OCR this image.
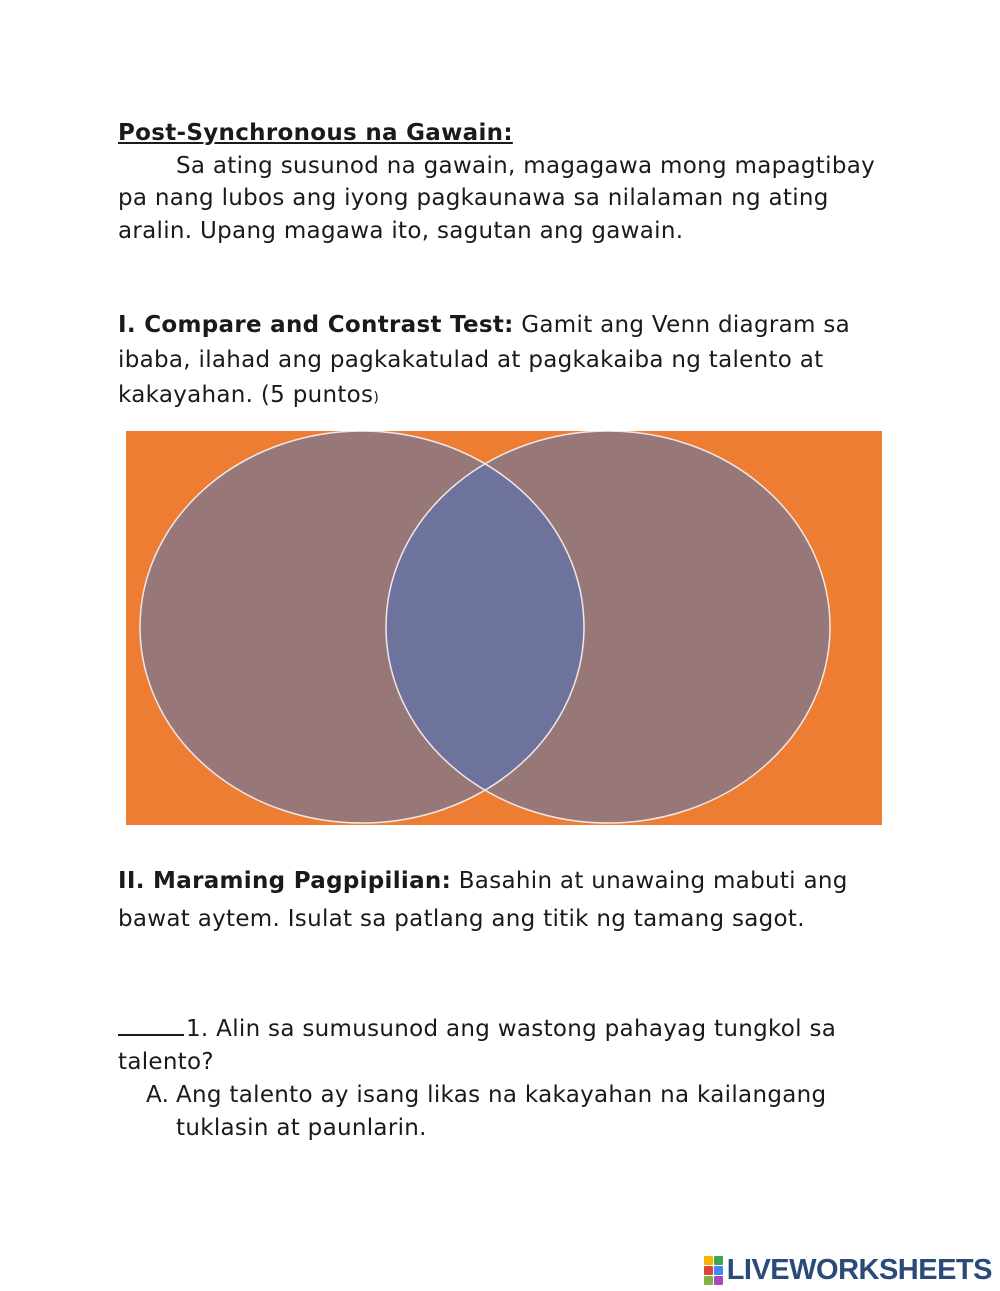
Post-Synchronous na Gawain:
Sa ating susunod na gawain, magagawa mong mapagtibay pa nang lubos ang iyong pagkaunawa sa nilalaman ng ating aralin. Upang magawa ito, sagutan ang gawain.
I. Compare and Contrast Test: Gamit ang Venn diagram sa ibaba, ilahad ang pagkakatulad at pagkakaiba ng talento at kakayahan. (5 puntos)
II. Maraming Pagpipilian: Basahin at unawaing mabuti ang bawat aytem. Isulat sa patlang ang titik ng tamang sagot.
1. Alin sa sumusunod ang wastong pahayag tungkol sa talento?
A. Ang talento ay isang likas na kakayahan na kailangang tuklasin at paunlarin.
LIVEWORKSHEETS
